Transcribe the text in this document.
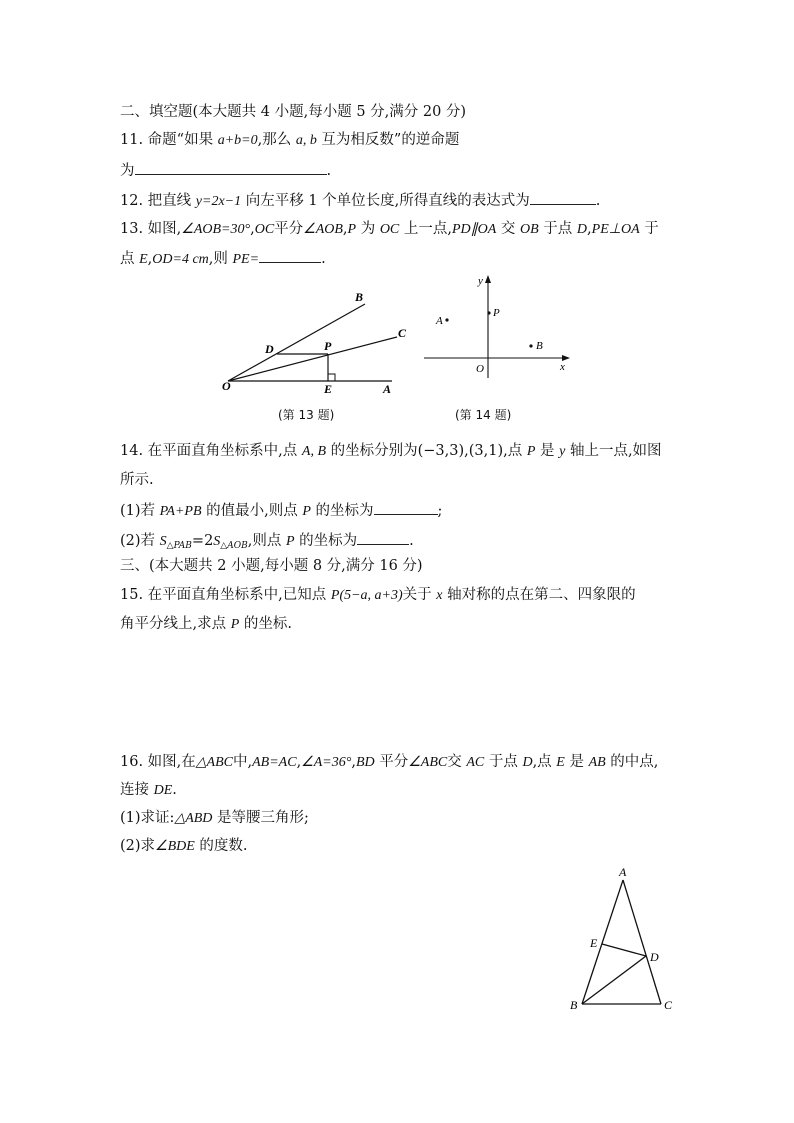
二、填空题(本大题共 4 小题,每小题 5 分,满分 20 分)
11. 命题“如果 a+b=0,那么 a, b 互为相反数”的逆命题
为	.
12. 把直线 y=2x−1 向左平移 1 个单位长度,所得直线的表达式为	.
13. 如图,∠AOB=30°,OC平分∠AOB,P 为 OC 上一点,PD∥OA 交 OB 于点 D,PE⊥OA 于
点 E,OD=4 cm,则 PE=	.
B
C
D	P
O	E	A
(第 13 题)
y
x
O
A
P
B
(第 14 题)
14. 在平面直角坐标系中,点 A, B 的坐标分别为(−3,3),(3,1),点 P 是 y 轴上一点,如图
所示.
(1)若 PA+PB 的值最小,则点 P 的坐标为	;
(2)若 $S_{\triangle PAB}=2S_{\triangle AOB}$,则点 P 的坐标为	.
三、(本大题共 2 小题,每小题 8 分,满分 16 分)
15. 在平面直角坐标系中,已知点 P(5−a, a+3)关于 x 轴对称的点在第二、四象限的
角平分线上,求点 P 的坐标.
16. 如图,在△ABC中,AB=AC,∠A=36°,BD 平分∠ABC交 AC 于点 D,点 E 是 AB 的中点,
连接 DE.
(1)求证:△ABD 是等腰三角形;
(2)求∠BDE 的度数.
A
E
D
B	C
